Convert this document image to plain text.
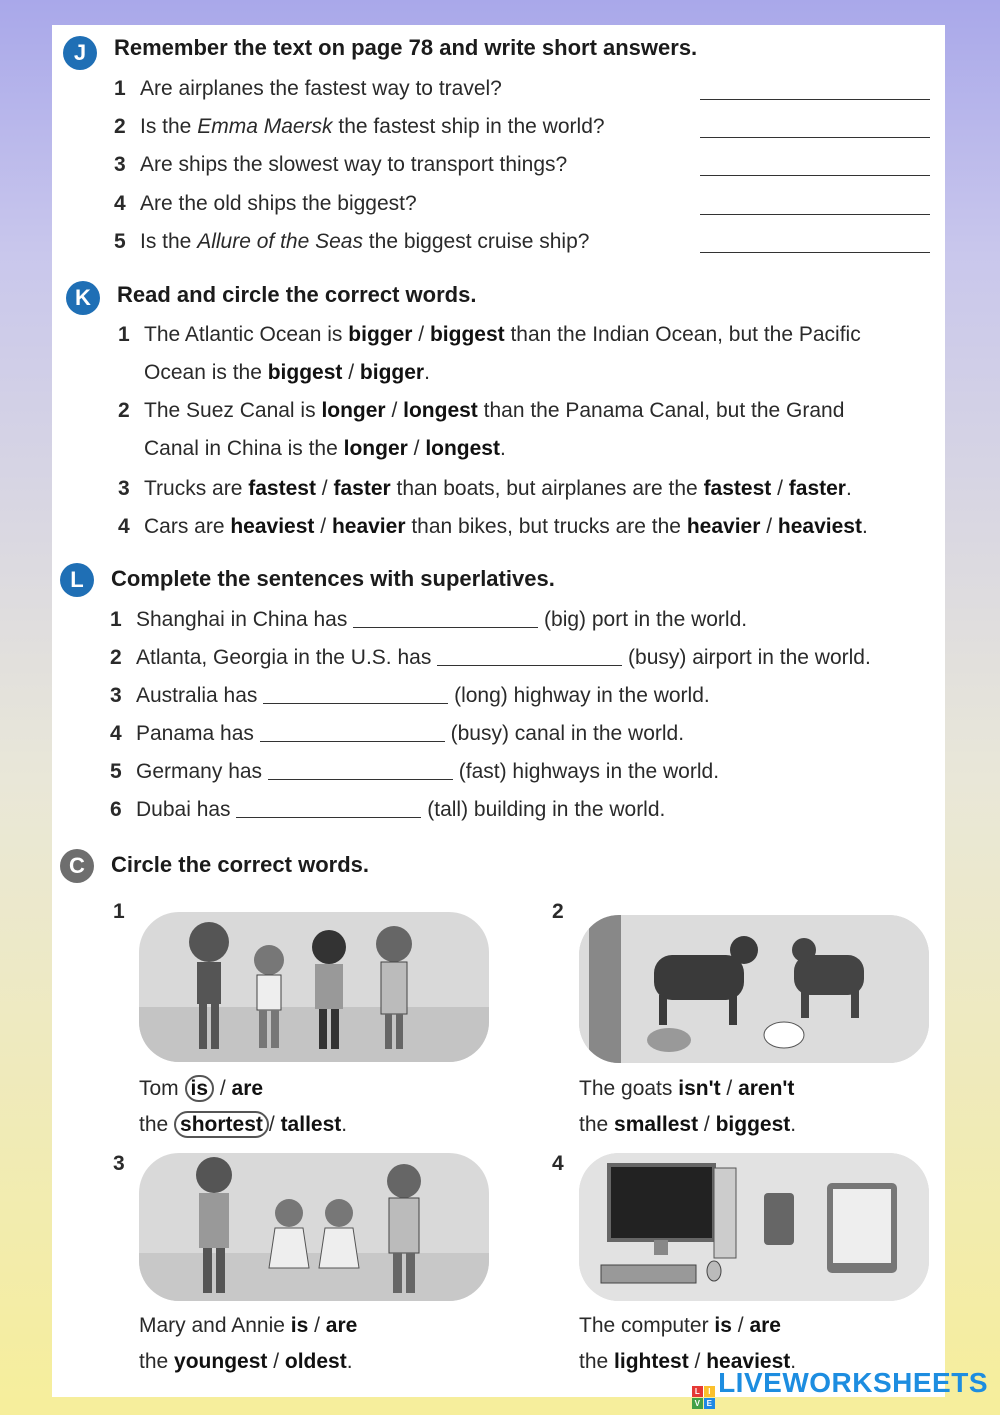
J	Remember the text on page 78 and write short answers.
K	Read and circle the correct words.
L	Complete the sentences with superlatives.
C	Circle the correct words.
1
Tom is / are
the shortest / tallest.
2
The goats isn't / aren't
the smallest / biggest.
3
Mary and Annie is / are
the youngest / oldest.
4
The computer is / are
the lightest / heaviest.
1 Are airplanes the fastest way to travel?
2 Is the Emma Maersk the fastest ship in the world?
3 Are ships the slowest way to transport things?
4 Are the old ships the biggest?
5 Is the Allure of the Seas the biggest cruise ship?
1 The Atlantic Ocean is bigger / biggest than the Indian Ocean, but the Pacific
Ocean is the biggest / bigger.
2 The Suez Canal is longer / longest than the Panama Canal, but the Grand
Canal in China is the longer / longest.
3 Trucks are fastest / faster than boats, but airplanes are the fastest / faster.
4 Cars are heaviest / heavier than bikes, but trucks are the heavier / heaviest.
1 Shanghai in China has	(big) port in the world.
2 Atlanta, Georgia in the U.S. has	(busy) airport in the world.
3 Australia has	(long) highway in the world.
4 Panama has	(busy) canal in the world.
5 Germany has	(fast) highways in the world.
6 Dubai has	(tall) building in the world.
L I
V E
LIVEWORKSHEETS
